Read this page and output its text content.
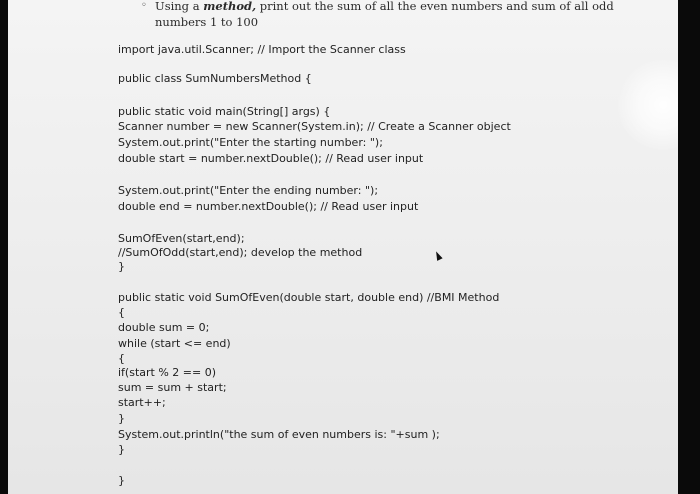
◦ Using a method, print out the sum of all the even numbers and sum of all odd
numbers 1 to 100
import java.util.Scanner; // Import the Scanner class
public class SumNumbersMethod {
public static void main(String[] args) {
Scanner number = new Scanner(System.in); // Create a Scanner object
System.out.print("Enter the starting number: ");
double start = number.nextDouble(); // Read user input
System.out.print("Enter the ending number: ");
double end = number.nextDouble(); // Read user input
SumOfEven(start,end);
//SumOfOdd(start,end); develop the method
}
public static void SumOfEven(double start, double end) //BMI Method
{
double sum = 0;
while (start <= end)
{
if(start % 2 == 0)
sum = sum + start;
start++;
}
System.out.println("the sum of even numbers is: "+sum );
}
}
